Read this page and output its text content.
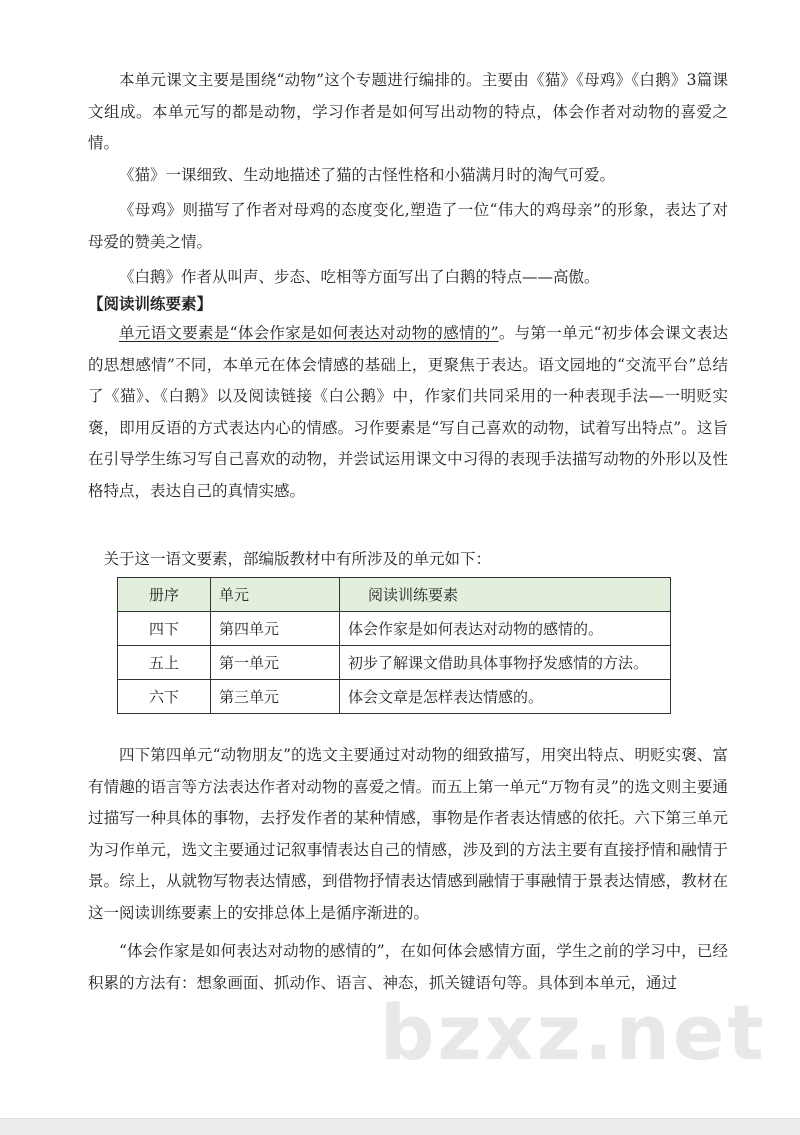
本单元课文主要是围绕“动物”这个专题进行编排的。主要由《猫》《母鸡》《白鹅》3篇课文组成。本单元写的都是动物，学习作者是如何写出动物的特点，体会作者对动物的喜爱之情。

《猫》一课细致、生动地描述了猫的古怪性格和小猫满月时的淘气可爱。

《母鸡》则描写了作者对母鸡的态度变化,塑造了一位“伟大的鸡母亲”的形象，表达了对母爱的赞美之情。

《白鹅》作者从叫声、步态、吃相等方面写出了白鹅的特点——高傲。

【阅读训练要素】

单元语文要素是“体会作家是如何表达对动物的感情的”。与第一单元“初步体会课文表达的思想感情”不同，本单元在体会情感的基础上，更聚焦于表达。语文园地的“交流平台”总结了《猫》、《白鹅》以及阅读链接《白公鹅》中，作家们共同采用的一种表现手法—一明贬实褒，即用反语的方式表达内心的情感。习作要素是“写自己喜欢的动物，试着写出特点”。这旨在引导学生练习写自己喜欢的动物，并尝试运用课文中习得的表现手法描写动物的外形以及性格特点，表达自己的真情实感。

关于这一语文要素，部编版教材中有所涉及的单元如下：

册序	单元	阅读训练要素
四下	第四单元	体会作家是如何表达对动物的感情的。
五上	第一单元	初步了解课文借助具体事物抒发感情的方法。
六下	第三单元	体会文章是怎样表达情感的。

四下第四单元“动物朋友”的选文主要通过对动物的细致描写，用突出特点、明贬实褒、富有情趣的语言等方法表达作者对动物的喜爱之情。而五上第一单元“万物有灵”的选文则主要通过描写一种具体的事物，去抒发作者的某种情感，事物是作者表达情感的依托。六下第三单元为习作单元，选文主要通过记叙事情表达自己的情感，涉及到的方法主要有直接抒情和融情于景。综上，从就物写物表达情感，到借物抒情表达情感到融情于事融情于景表达情感，教材在这一阅读训练要素上的安排总体上是循序渐进的。

“体会作家是如何表达对动物的感情的”，在如何体会感情方面，学生之前的学习中，已经积累的方法有：想象画面、抓动作、语言、神态，抓关键语句等。具体到本单元，通过

bzxz.net
